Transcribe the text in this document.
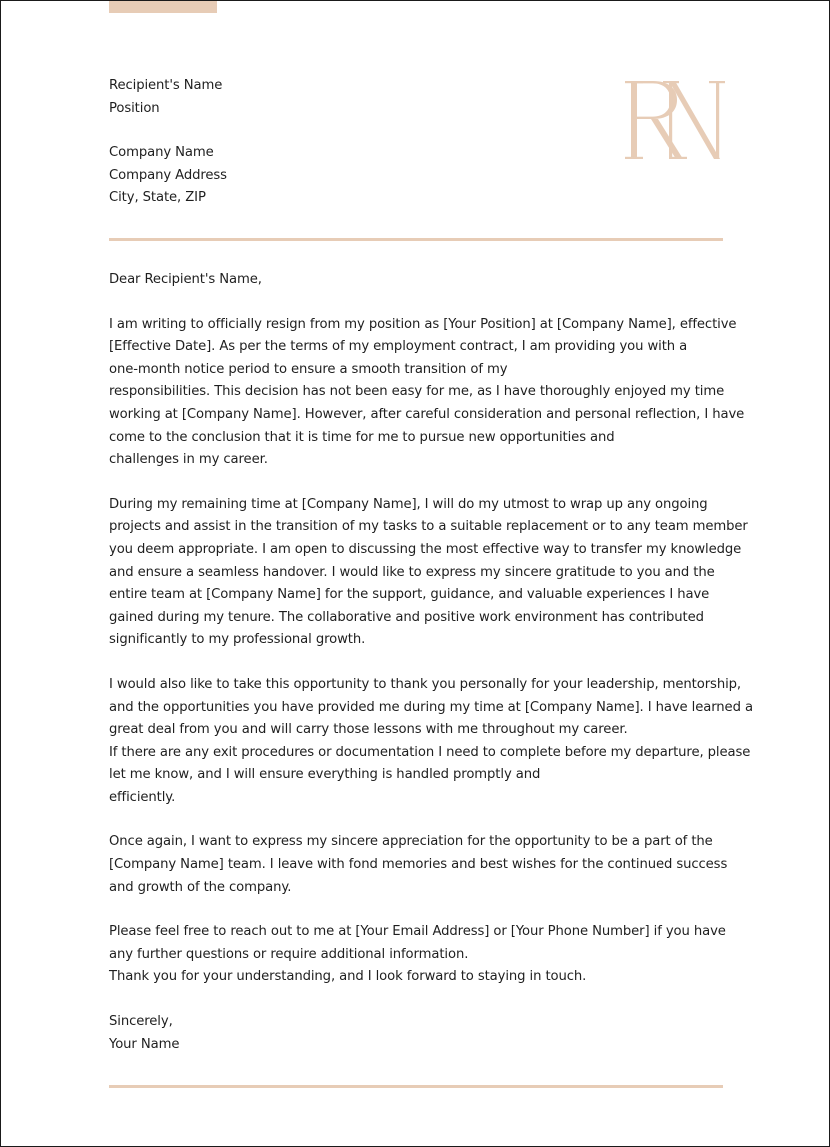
Recipient's Name
Position
Company Name
Company Address
City, State, ZIP
Dear Recipient's Name,

I am writing to officially resign from my position as [Your Position] at [Company Name], effective
[Effective Date]. As per the terms of my employment contract, I am providing you with a
one-month notice period to ensure a smooth transition of my
responsibilities. This decision has not been easy for me, as I have thoroughly enjoyed my time
working at [Company Name]. However, after careful consideration and personal reflection, I have
come to the conclusion that it is time for me to pursue new opportunities and
challenges in my career.

During my remaining time at [Company Name], I will do my utmost to wrap up any ongoing
projects and assist in the transition of my tasks to a suitable replacement or to any team member
you deem appropriate. I am open to discussing the most effective way to transfer my knowledge
and ensure a seamless handover. I would like to express my sincere gratitude to you and the
entire team at [Company Name] for the support, guidance, and valuable experiences I have
gained during my tenure. The collaborative and positive work environment has contributed
significantly to my professional growth.

I would also like to take this opportunity to thank you personally for your leadership, mentorship,
and the opportunities you have provided me during my time at [Company Name]. I have learned a
great deal from you and will carry those lessons with me throughout my career.
If there are any exit procedures or documentation I need to complete before my departure, please
let me know, and I will ensure everything is handled promptly and
efficiently.

Once again, I want to express my sincere appreciation for the opportunity to be a part of the
[Company Name] team. I leave with fond memories and best wishes for the continued success
and growth of the company.

Please feel free to reach out to me at [Your Email Address] or [Your Phone Number] if you have
any further questions or require additional information.
Thank you for your understanding, and I look forward to staying in touch.

Sincerely,
Your Name
